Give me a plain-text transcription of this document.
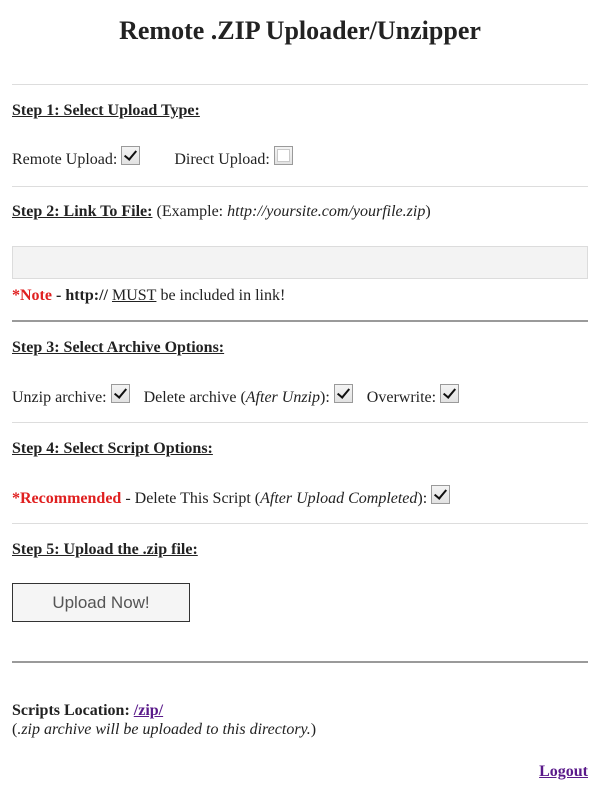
Remote .ZIP Uploader/Unzipper
Step 1: Select Upload Type:
Remote Upload:	Direct Upload:
Step 2: Link To File: (Example: http://yoursite.com/yourfile.zip )
*Note - http://
MUST be included in link!
Step 3: Select Archive Options:
Unzip archive: Delete archive ( After Unzip ): Overwrite:
Step 4: Select Script Options:
*Recommended - Delete This Script ( After Upload Completed ):
Step 5: Upload the .zip file:
Upload Now!
Scripts Location: /zip/
( .zip archive will be uploaded to this directory. )
Logout
